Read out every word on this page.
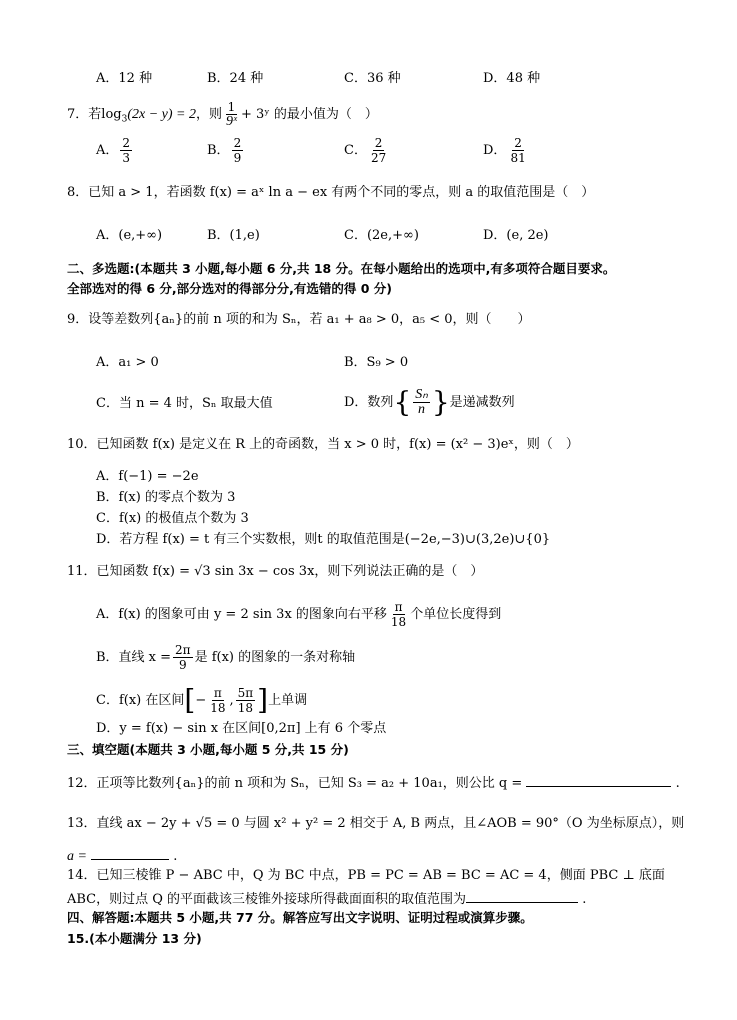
A．12 种	B．24 种	C．36 种	D．48 种
7．若$\log_3(2x - y) = 2$，则 $\frac{1}{\text{9ˣ}}$ + 3ʸ 的最小值为（　）
A． $\frac{2}{3}$	B． $\frac{2}{9}$	C． $\frac{2}{27}$	D． $\frac{2}{81}$
8．已知 a > 1，若函数 f(x) = aˣ ln a − ex 有两个不同的零点，则 a 的取值范围是（　）
A．(e,+∞)	B．(1,e)	C．(2e,+∞)	D．(e, 2e)
二、多选题:(本题共 3 小题,每小题 6 分,共 18 分。在每小题给出的选项中,有多项符合题目要求。
全部选对的得 6 分,部分选对的得部分分,有选错的得 0 分)
9．设等差数列{aₙ}的前 n 项的和为 Sₙ，若 a₁ + a₈ > 0，a₅ < 0，则（　　）
A．a₁ > 0	B．S₉ > 0
C．当 n = 4 时，Sₙ 取最大值	D．数列{ $\frac{\text{Sₙ}}{n}$ }是递减数列
10．已知函数 f(x) 是定义在 R 上的奇函数，当 x > 0 时，f(x) = (x² − 3)eˣ，则（　）
A．f(−1) = −2e
B．f(x) 的零点个数为 3
C．f(x) 的极值点个数为 3
D．若方程 f(x) = t 有三个实数根，则t 的取值范围是(−2e,−3)∪(3,2e)∪{0}
11．已知函数 f(x) = √3 sin 3x − cos 3x，则下列说法正确的是（　）
A．f(x) 的图象可由 y = 2 sin 3x 的图象向右平移 $\frac{\pi}{18}$ 个单位长度得到
B．直线 $x = \frac{2\pi}{9}$ 是 f(x) 的图象的一条对称轴
C．f(x) 在区间[− $\frac{\pi}{18}$ , $\frac{5\pi}{18}$ ]上单调
D．y = f(x) − sin x 在区间[0,2π] 上有 6 个零点
三、填空题(本题共 3 小题,每小题 5 分,共 15 分)
12．正项等比数列{aₙ}的前 n 项和为 Sₙ，已知 S₃ = a₂ + 10a₁，则公比 q =	.
13．直线 ax − 2y + √5 = 0 与圆 x² + y² = 2 相交于 A, B 两点，且∠AOB = 90°（O 为坐标原点），则
a =	.
14．已知三棱锥 P − ABC 中，Q 为 BC 中点，PB = PC = AB = BC = AC = 4，侧面 PBC ⊥ 底面
ABC，则过点 Q 的平面截该三棱锥外接球所得截面面积的取值范围为	.
四、解答题:本题共 5 小题,共 77 分。解答应写出文字说明、证明过程或演算步骤。
15.(本小题满分 13 分)
